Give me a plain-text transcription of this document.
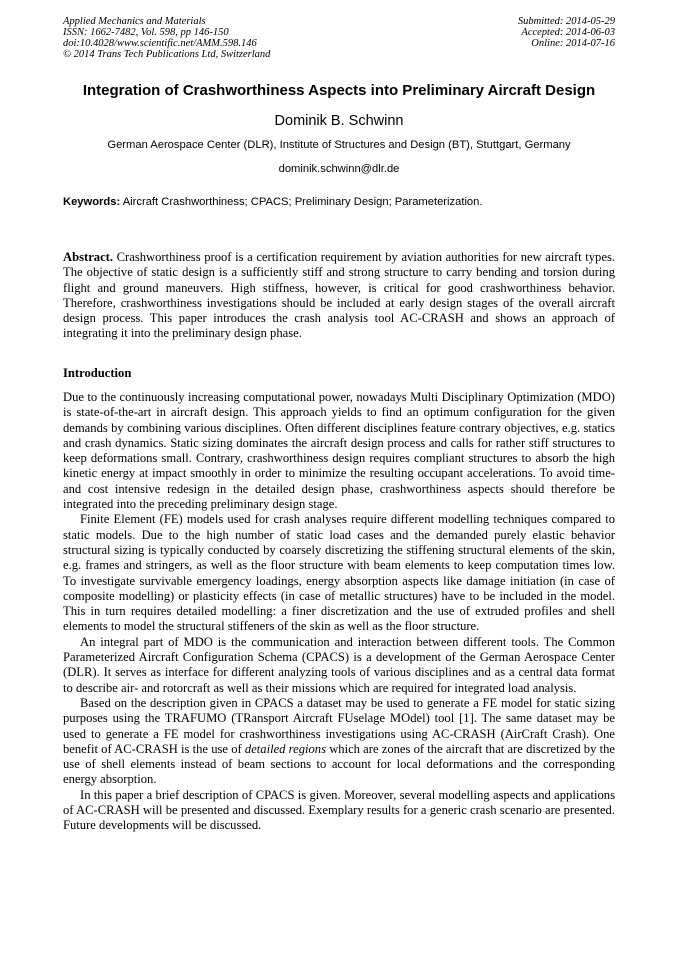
Applied Mechanics and Materials
ISSN: 1662-7482, Vol. 598, pp 146-150
doi:10.4028/www.scientific.net/AMM.598.146
© 2014 Trans Tech Publications Ltd, Switzerland
Submitted: 2014-05-29
Accepted: 2014-06-03
Online: 2014-07-16
Integration of Crashworthiness Aspects into Preliminary Aircraft Design
Dominik B. Schwinn
German Aerospace Center (DLR), Institute of Structures and Design (BT), Stuttgart, Germany
dominik.schwinn@dlr.de
Keywords: Aircraft Crashworthiness; CPACS; Preliminary Design; Parameterization.
Abstract. Crashworthiness proof is a certification requirement by aviation authorities for new aircraft types. The objective of static design is a sufficiently stiff and strong structure to carry bending and torsion during flight and ground maneuvers. High stiffness, however, is critical for good crashworthiness behavior. Therefore, crashworthiness investigations should be included at early design stages of the overall aircraft design process. This paper introduces the crash analysis tool AC-CRASH and shows an approach of integrating it into the preliminary design phase.
Introduction

Due to the continuously increasing computational power, nowadays Multi Disciplinary Optimization (MDO) is state-of-the-art in aircraft design. This approach yields to find an optimum configuration for the given demands by combining various disciplines. Often different disciplines feature contrary objectives, e.g. statics and crash dynamics. Static sizing dominates the aircraft design process and calls for rather stiff structures to keep deformations small. Contrary, crashworthiness design requires compliant structures to absorb the high kinetic energy at impact smoothly in order to minimize the resulting occupant accelerations. To avoid time- and cost intensive redesign in the detailed design phase, crashworthiness aspects should therefore be integrated into the preceding preliminary design stage.

Finite Element (FE) models used for crash analyses require different modelling techniques compared to static models. Due to the high number of static load cases and the demanded purely elastic behavior structural sizing is typically conducted by coarsely discretizing the stiffening structural elements of the skin, e.g. frames and stringers, as well as the floor structure with beam elements to keep computation times low. To investigate survivable emergency loadings, energy absorption aspects like damage initiation (in case of composite modelling) or plasticity effects (in case of metallic structures) have to be included in the model. This in turn requires detailed modelling: a finer discretization and the use of extruded profiles and shell elements to model the structural stiffeners of the skin as well as the floor structure.

An integral part of MDO is the communication and interaction between different tools. The Common Parameterized Aircraft Configuration Schema (CPACS) is a development of the German Aerospace Center (DLR). It serves as interface for different analyzing tools of various disciplines and as a central data format to describe air- and rotorcraft as well as their missions which are required for integrated load analysis.

Based on the description given in CPACS a dataset may be used to generate a FE model for static sizing purposes using the TRAFUMO (TRansport Aircraft FUselage MOdel) tool [1]. The same dataset may be used to generate a FE model for crashworthiness investigations using AC-CRASH (AirCraft Crash). One benefit of AC-CRASH is the use of detailed regions which are zones of the aircraft that are discretized by the use of shell elements instead of beam sections to account for local deformations and the corresponding energy absorption.

In this paper a brief description of CPACS is given. Moreover, several modelling aspects and applications of AC-CRASH will be presented and discussed. Exemplary results for a generic crash scenario are presented. Future developments will be discussed.
